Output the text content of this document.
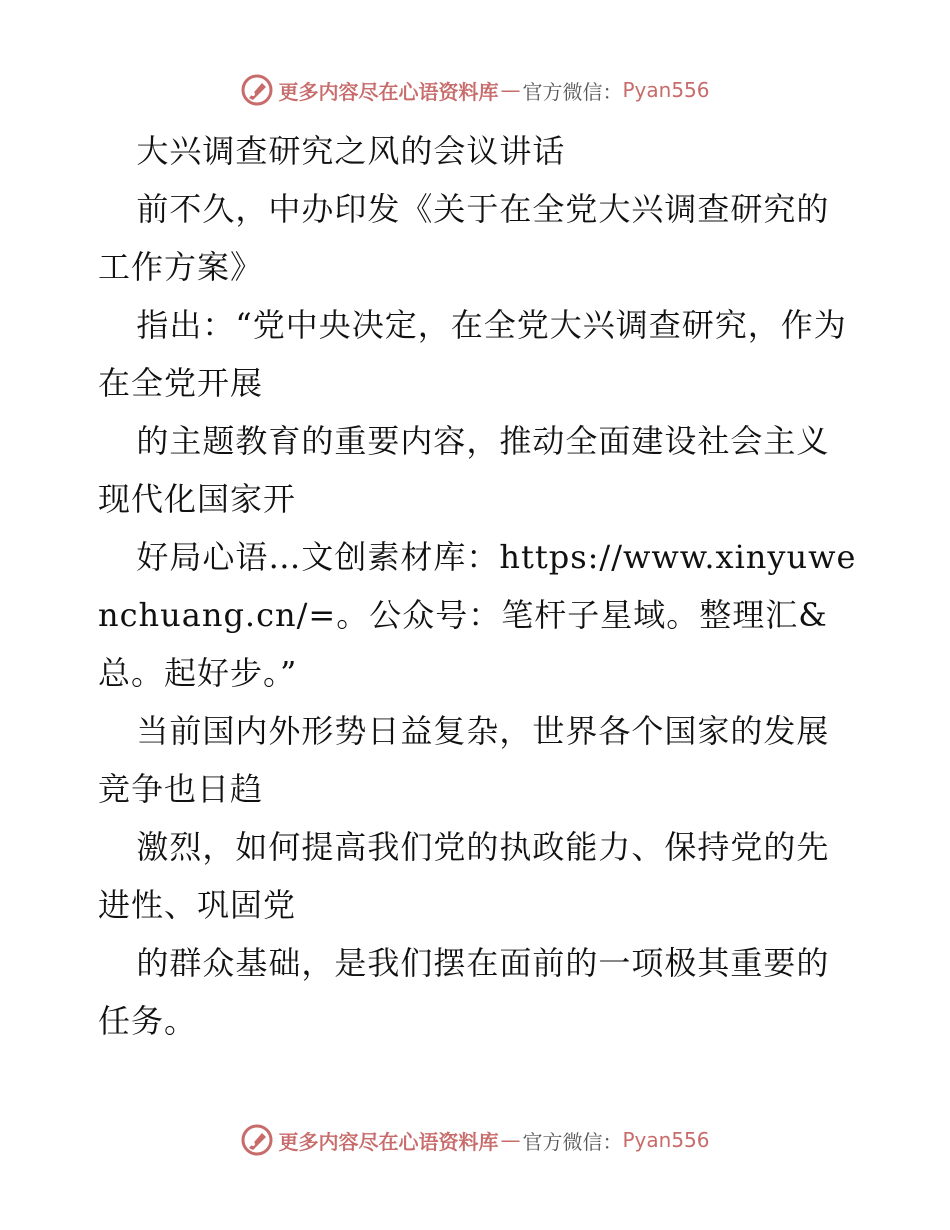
更多内容尽在心语资料库 — 官方微信： Pyan556

大兴调查研究之风的会议讲话

前不久，中办印发《关于在全党大兴调查研究的工作方案》

指出：“党中央决定，在全党大兴调查研究，作为在全党开展

的主题教育的重要内容，推动全面建设社会主义现代化国家开

好局心语…文创素材库：https://www.xinyuwenchuang.cn/=。公众号：笔杆子星域。整理汇&总。起好步。”

当前国内外形势日益复杂，世界各个国家的发展竞争也日趋

激烈，如何提高我们党的执政能力、保持党的先进性、巩固党

的群众基础，是我们摆在面前的一项极其重要的任务。

更多内容尽在心语资料库 — 官方微信： Pyan556
